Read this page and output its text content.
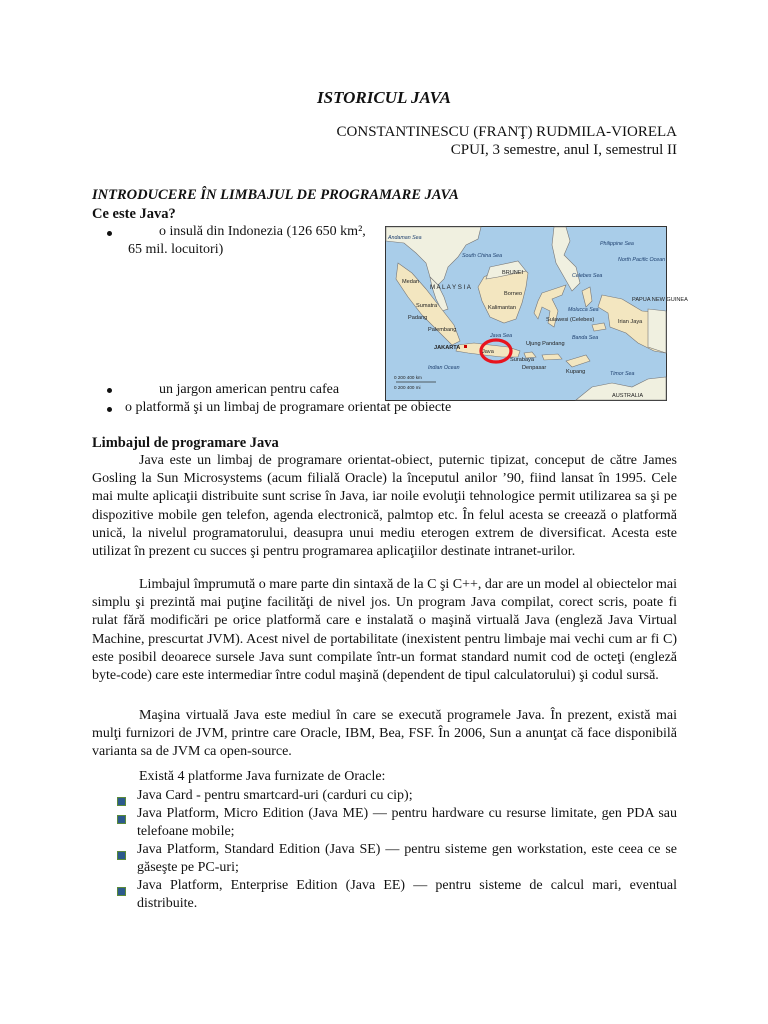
ISTORICUL JAVA
CONSTANTINESCU (FRANŢ) RUDMILA-VIORELA
CPUI, 3 semestre, anul I, semestrul II
INTRODUCERE ÎN LIMBAJUL DE PROGRAMARE JAVA
Ce este Java?
o insulă din Indonezia (126 650 km²,
65 mil. locuitori)
Andaman Sea
South China Sea
Philippine Sea
Celebes Sea
Molucca Sea
North Pacific Ocean
Banda Sea
Java Sea
Indian Ocean
Timor Sea
BRUNEI
M A L A Y S I A
Borneo
Medan
Kalimantan
Sulawesi (Celebes)
PAPUA NEW GUINEA
Irian Jaya
Sumatra
Padang
Palembang
JAKARTA
Ujung Pandang
Java
Surabaya
Denpasar
Kupang
0 200 400 km
0 200 400 mi
AUSTRALIA
un jargon american pentru cafea
o platformă şi un limbaj de programare orientat pe obiecte
Limbajul de programare Java

Java este un limbaj de programare orientat-obiect, puternic tipizat, conceput de către James Gosling la Sun Microsystems (acum filială Oracle) la începutul anilor ’90, fiind lansat în 1995. Cele mai multe aplicaţii distribuite sunt scrise în Java, iar noile evoluţii tehnologice permit utilizarea sa şi pe dispozitive mobile gen telefon, agenda electronică, palmtop etc. În felul acesta se creează o platformă unică, la nivelul programatorului, deasupra unui mediu eterogen extrem de diversificat. Acesta este utilizat în prezent cu succes şi pentru programarea aplicaţiilor destinate intranet-urilor.

Limbajul împrumută o mare parte din sintaxă de la C şi C++, dar are un model al obiectelor mai simplu şi prezintă mai puţine facilităţi de nivel jos. Un program Java compilat, corect scris, poate fi rulat fără modificări pe orice platformă care e instalată o maşină virtuală Java (engleză Java Virtual Machine, prescurtat JVM). Acest nivel de portabilitate (inexistent pentru limbaje mai vechi cum ar fi C) este posibil deoarece sursele Java sunt compilate într-un format standard numit cod de octeţi (engleză byte-code) care este intermediar între codul maşină (dependent de tipul calculatorului) şi codul sursă.

Maşina virtuală Java este mediul în care se execută programele Java. În prezent, există mai mulţi furnizori de JVM, printre care Oracle, IBM, Bea, FSF. În 2006, Sun a anunţat că face disponibilă varianta sa de JVM ca open-source.

Există 4 platforme Java furnizate de Oracle:
Java Card - pentru smartcard-uri (carduri cu cip);
Java Platform, Micro Edition (Java ME) — pentru hardware cu resurse limitate, gen PDA sau telefoane mobile;
Java Platform, Standard Edition (Java SE) — pentru sisteme gen workstation, este ceea ce se găseşte pe PC-uri;
Java Platform, Enterprise Edition (Java EE) — pentru sisteme de calcul mari, eventual distribuite.
